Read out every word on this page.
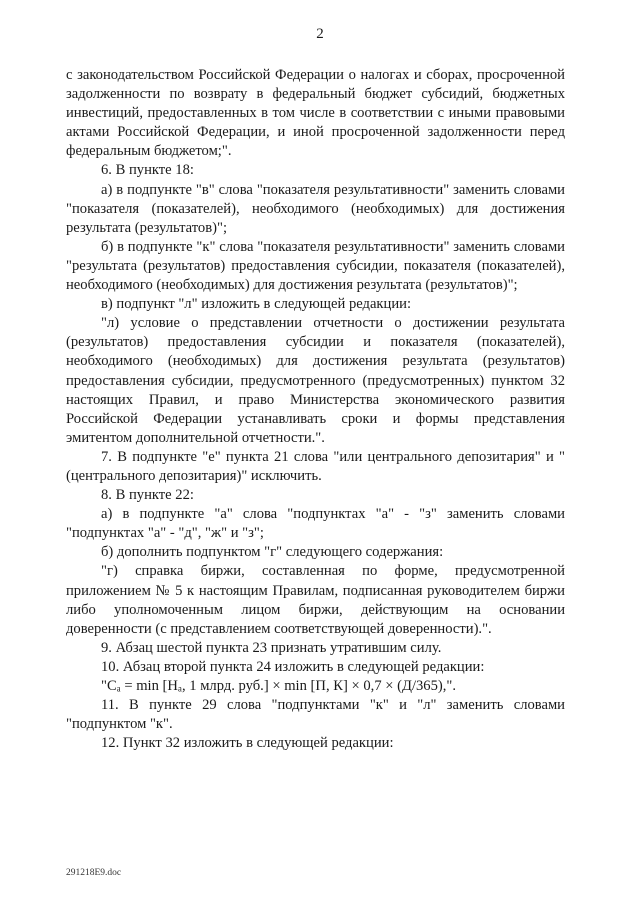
2

с законодательством Российской Федерации о налогах и сборах, просроченной задолженности по возврату в федеральный бюджет субсидий, бюджетных инвестиций, предоставленных в том числе в соответствии с иными правовыми актами Российской Федерации, и иной просроченной задолженности перед федеральным бюджетом;".

6. В пункте 18:

а) в подпункте "в" слова "показателя результативности" заменить словами "показателя (показателей), необходимого (необходимых) для достижения результата (результатов)";

б) в подпункте "к" слова "показателя результативности" заменить словами "результата (результатов) предоставления субсидии, показателя (показателей), необходимого (необходимых) для достижения результата (результатов)";

в) подпункт "л" изложить в следующей редакции:

"л) условие о представлении отчетности о достижении результата (результатов) предоставления субсидии и показателя (показателей), необходимого (необходимых) для достижения результата (результатов) предоставления субсидии, предусмотренного (предусмотренных) пунктом 32 настоящих Правил, и право Министерства экономического развития Российской Федерации устанавливать сроки и формы представления эмитентом дополнительной отчетности.".

7. В подпункте "е" пункта 21 слова "или центрального депозитария" и "(центрального депозитария)" исключить.

8. В пункте 22:

а) в подпункте "а" слова "подпунктах "а" - "з" заменить словами "подпунктах "а" - "д", "ж" и "з";

б) дополнить подпунктом "г" следующего содержания:

"г) справка биржи, составленная по форме, предусмотренной приложением № 5 к настоящим Правилам, подписанная руководителем биржи либо уполномоченным лицом биржи, действующим на основании доверенности (с представлением соответствующей доверенности).".

9. Абзац шестой пункта 23 признать утратившим силу.

10. Абзац второй пункта 24 изложить в следующей редакции:

"Сₐ = min [Нₐ, 1 млрд. руб.] × min [П, К] × 0,7 × (Д/365),".

11. В пункте 29 слова "подпунктами "к" и "л" заменить словами "подпунктом "к".

12. Пункт 32 изложить в следующей редакции:

291218E9.doc
